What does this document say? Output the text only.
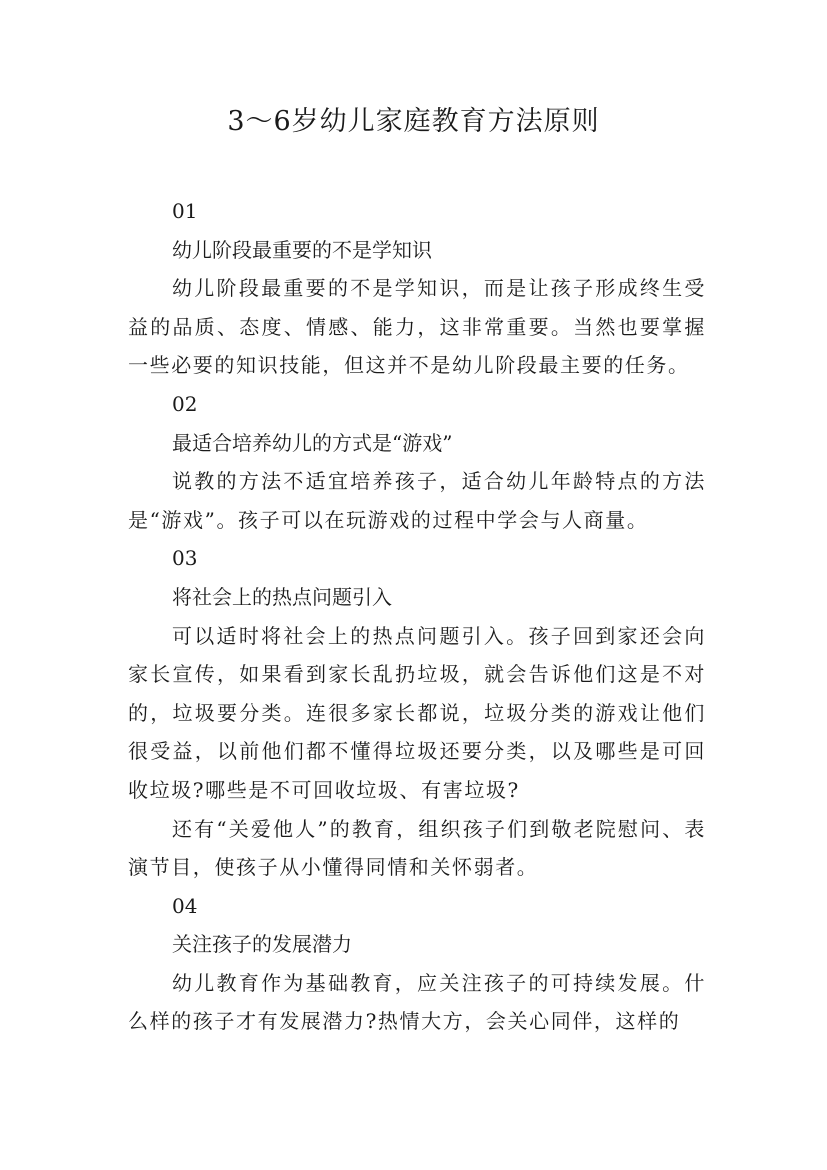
3～6岁幼儿家庭教育方法原则

01

幼儿阶段最重要的不是学知识

幼儿阶段最重要的不是学知识，而是让孩子形成终生受益的品质、态度、情感、能力，这非常重要。当然也要掌握一些必要的知识技能，但这并不是幼儿阶段最主要的任务。

02

最适合培养幼儿的方式是“游戏”

说教的方法不适宜培养孩子，适合幼儿年龄特点的方法是“游戏”。孩子可以在玩游戏的过程中学会与人商量。

03

将社会上的热点问题引入

可以适时将社会上的热点问题引入。孩子回到家还会向家长宣传，如果看到家长乱扔垃圾，就会告诉他们这是不对的，垃圾要分类。连很多家长都说，垃圾分类的游戏让他们很受益，以前他们都不懂得垃圾还要分类，以及哪些是可回收垃圾?哪些是不可回收垃圾、有害垃圾?

还有“关爱他人”的教育，组织孩子们到敬老院慰问、表演节目，使孩子从小懂得同情和关怀弱者。

04

关注孩子的发展潜力

幼儿教育作为基础教育，应关注孩子的可持续发展。什么样的孩子才有发展潜力?热情大方，会关心同伴，这样的
